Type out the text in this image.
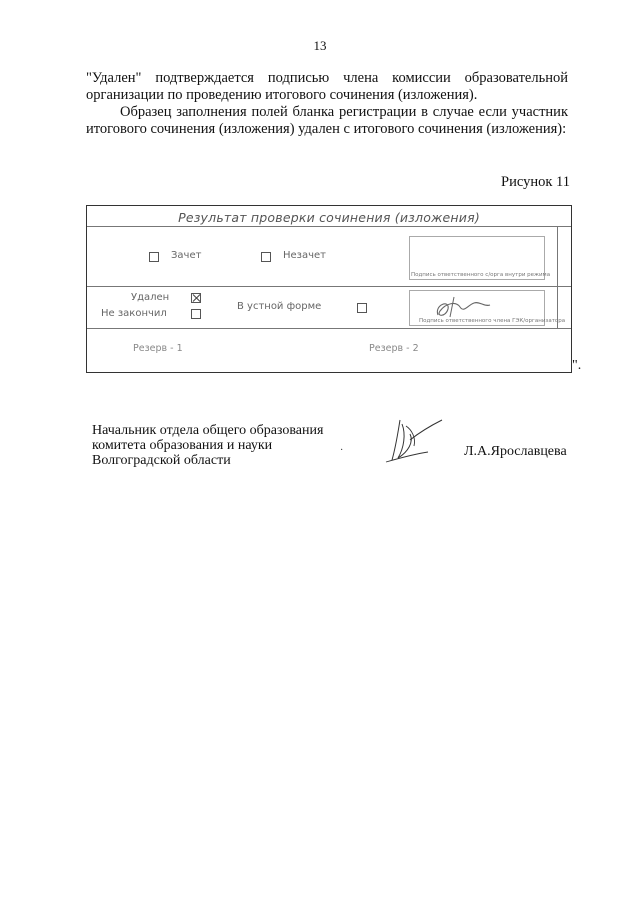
13
"Удален" подтверждается подписью члена комиссии образовательной организации по проведению итогового сочинения (изложения).
Образец заполнения полей бланка регистрации в случае если участник итогового сочинения (изложения) удален с итогового сочинения (изложения):
Рисунок 11
Результат проверки сочинения (изложения)
Зачет	Незачет
Подпись ответственного с/орга внутри режима
Удален
Не закончил
В устной форме
Подпись ответственного члена ГЭК/организатора
Резерв - 1	Резерв - 2
".
Начальник отдела общего образования
комитета образования и науки
Волгоградской области
·	Л.А.Ярославцева
